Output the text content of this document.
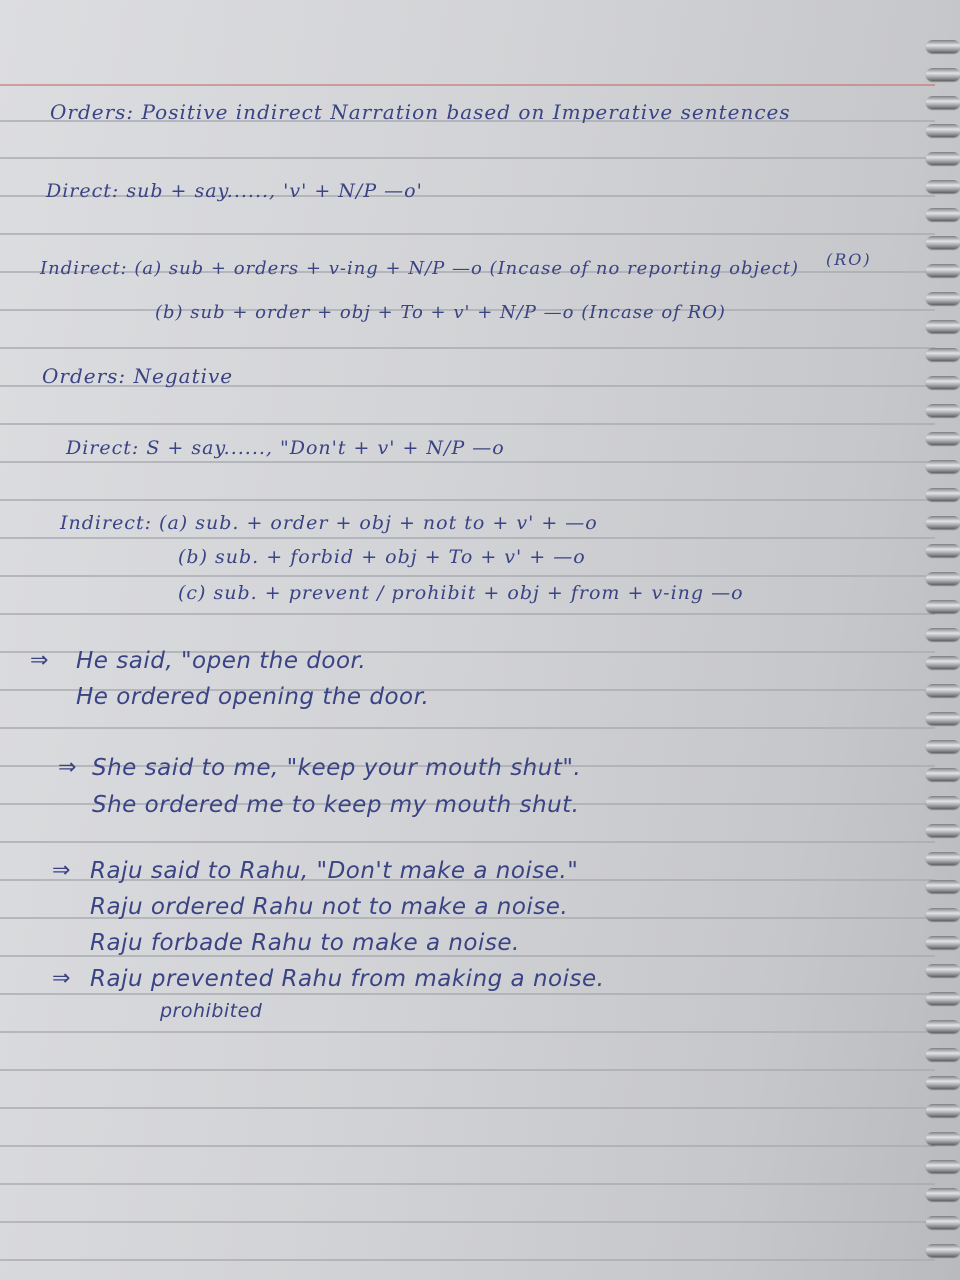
Orders: Positive indirect Narration based on Imperative sentences
Direct: sub + say......, 'v' + N/P —o'
(RO)
Indirect: (a) sub + orders + v-ing + N/P —o (Incase of no reporting object)
(b) sub + order + obj + To + v' + N/P —o (Incase of RO)
Orders: Negative
Direct: S + say......, "Don't + v' + N/P —o
Indirect: (a) sub. + order + obj + not to + v' + —o
(b) sub. + forbid + obj + To + v' + —o
(c) sub. + prevent / prohibit + obj + from + v-ing —o
⇒ He said, "open the door.
He ordered opening the door.
⇒ She said to me, "keep your mouth shut".
She ordered me to keep my mouth shut.
⇒ Raju said to Rahu, "Don't make a noise."
Raju ordered Rahu not to make a noise.
Raju forbade Rahu to make a noise.
⇒ Raju prevented Rahu from making a noise.
prohibited
